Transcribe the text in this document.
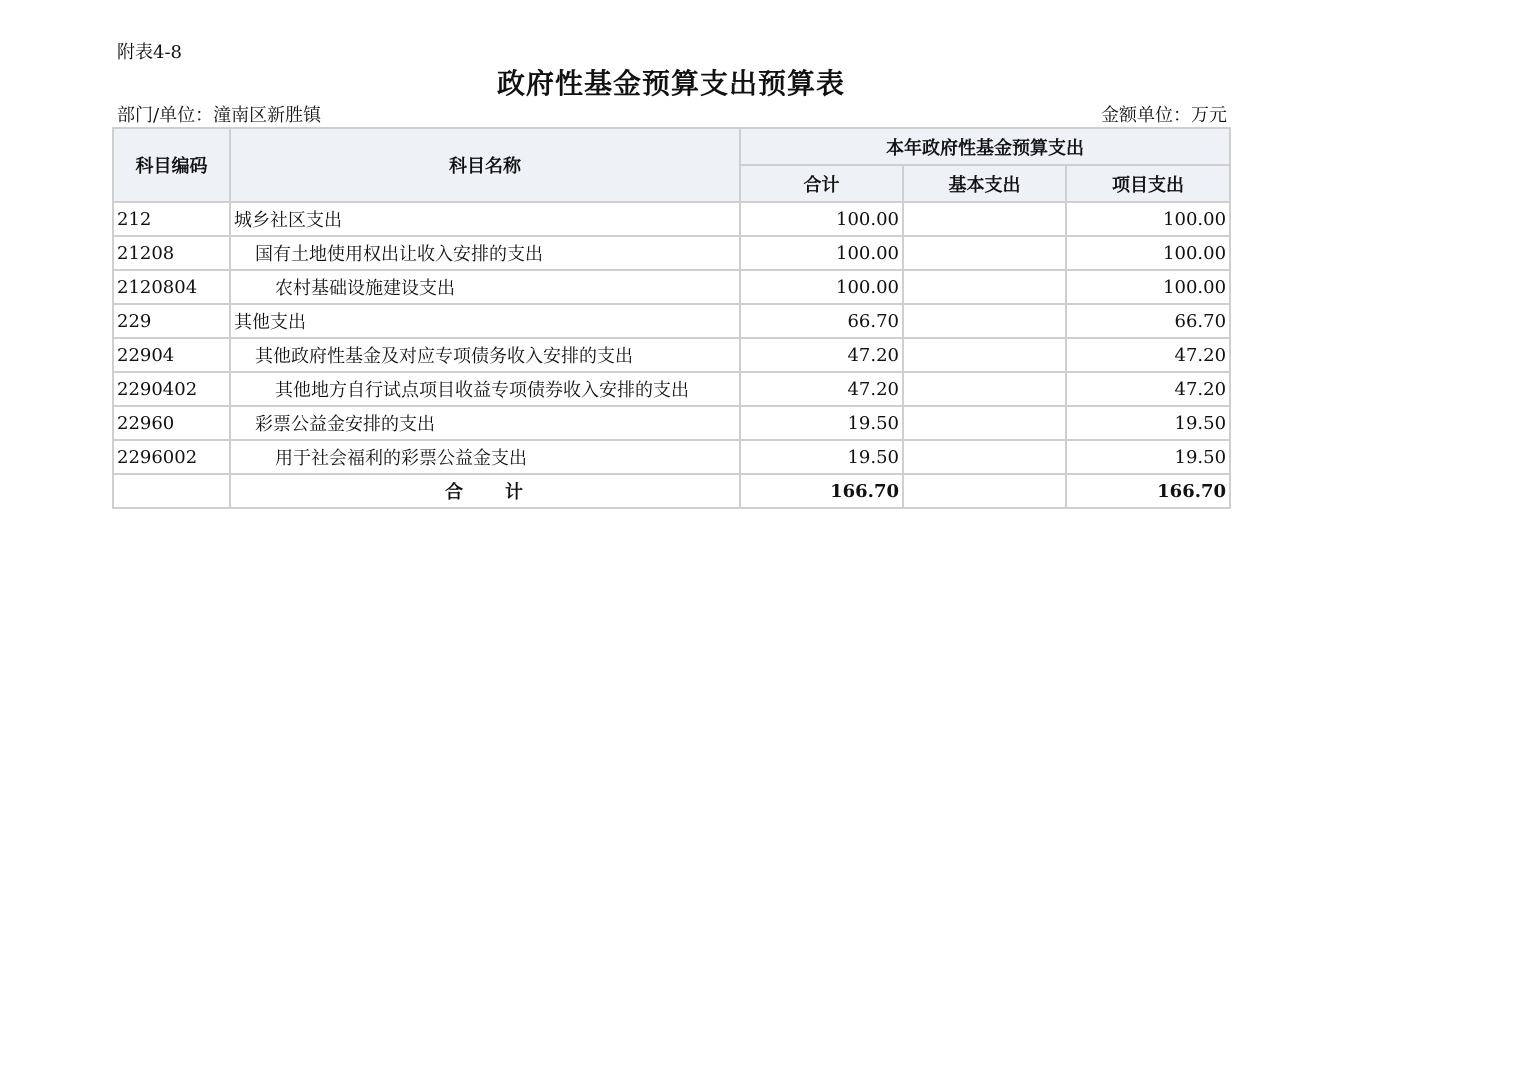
附表4-8
政府性基金预算支出预算表
部门/单位：潼南区新胜镇	金额单位：万元
科目编码	科目名称	本年政府性基金预算支出		
		合计	基本支出	项目支出
212	城乡社区支出	100.00		100.00
21208	国有土地使用权出让收入安排的支出	100.00		100.00
2120804	农村基础设施建设支出	100.00		100.00
229	其他支出	66.70		66.70
22904	其他政府性基金及对应专项债务收入安排的支出	47.20		47.20
2290402	其他地方自行试点项目收益专项债券收入安排的支出	47.20		47.20
22960	彩票公益金安排的支出	19.50		19.50
2296002	用于社会福利的彩票公益金支出	19.50		19.50
	合　　计	166.70		166.70
